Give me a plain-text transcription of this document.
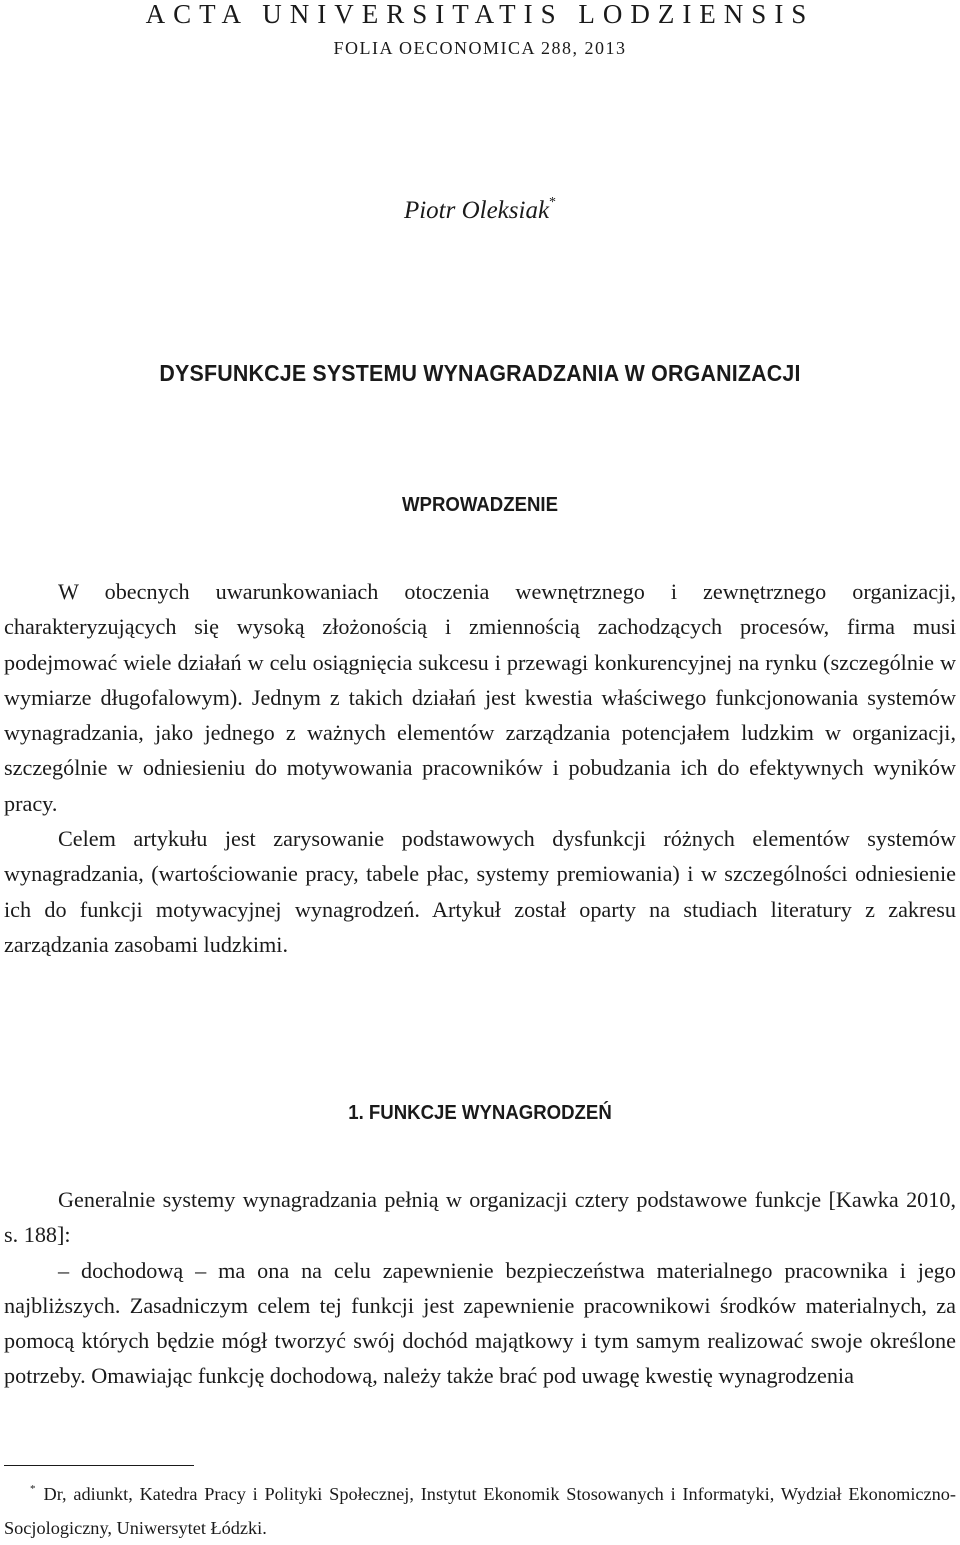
ACTA UNIVERSITATIS LODZIENSIS
FOLIA OECONOMICA 288, 2013
Piotr Oleksiak*
DYSFUNKCJE SYSTEMU WYNAGRADZANIA W ORGANIZACJI
WPROWADZENIE

W obecnych uwarunkowaniach otoczenia wewnętrznego i zewnętrznego organizacji, charakteryzujących się wysoką złożonością i zmiennością zachodzących procesów, firma musi podejmować wiele działań w celu osiągnięcia sukcesu i przewagi konkurencyjnej na rynku (szczególnie w wymiarze długofalowym). Jednym z takich działań jest kwestia właściwego funkcjonowania systemów wynagradzania, jako jednego z ważnych elementów zarządzania potencjałem ludzkim w organizacji, szczególnie w odniesieniu do motywowania pracowników i pobudzania ich do efektywnych wyników pracy.

Celem artykułu jest zarysowanie podstawowych dysfunkcji różnych elementów systemów wynagradzania, (wartościowanie pracy, tabele płac, systemy premiowania) i w szczególności odniesienie ich do funkcji motywacyjnej wynagrodzeń. Artykuł został oparty na studiach literatury z zakresu zarządzania zasobami ludzkimi.

1. FUNKCJE WYNAGRODZEŃ

Generalnie systemy wynagradzania pełnią w organizacji cztery podstawowe funkcje [Kawka 2010, s. 188]:

– dochodową – ma ona na celu zapewnienie bezpieczeństwa materialnego pracownika i jego najbliższych. Zasadniczym celem tej funkcji jest zapewnienie pracownikowi środków materialnych, za pomocą których będzie mógł tworzyć swój dochód majątkowy i tym samym realizować swoje określone potrzeby. Omawiając funkcję dochodową, należy także brać pod uwagę kwestię wynagrodzenia

* Dr, adiunkt, Katedra Pracy i Polityki Społecznej, Instytut Ekonomik Stosowanych i Informatyki, Wydział Ekonomiczno-Socjologiczny, Uniwersytet Łódzki.
